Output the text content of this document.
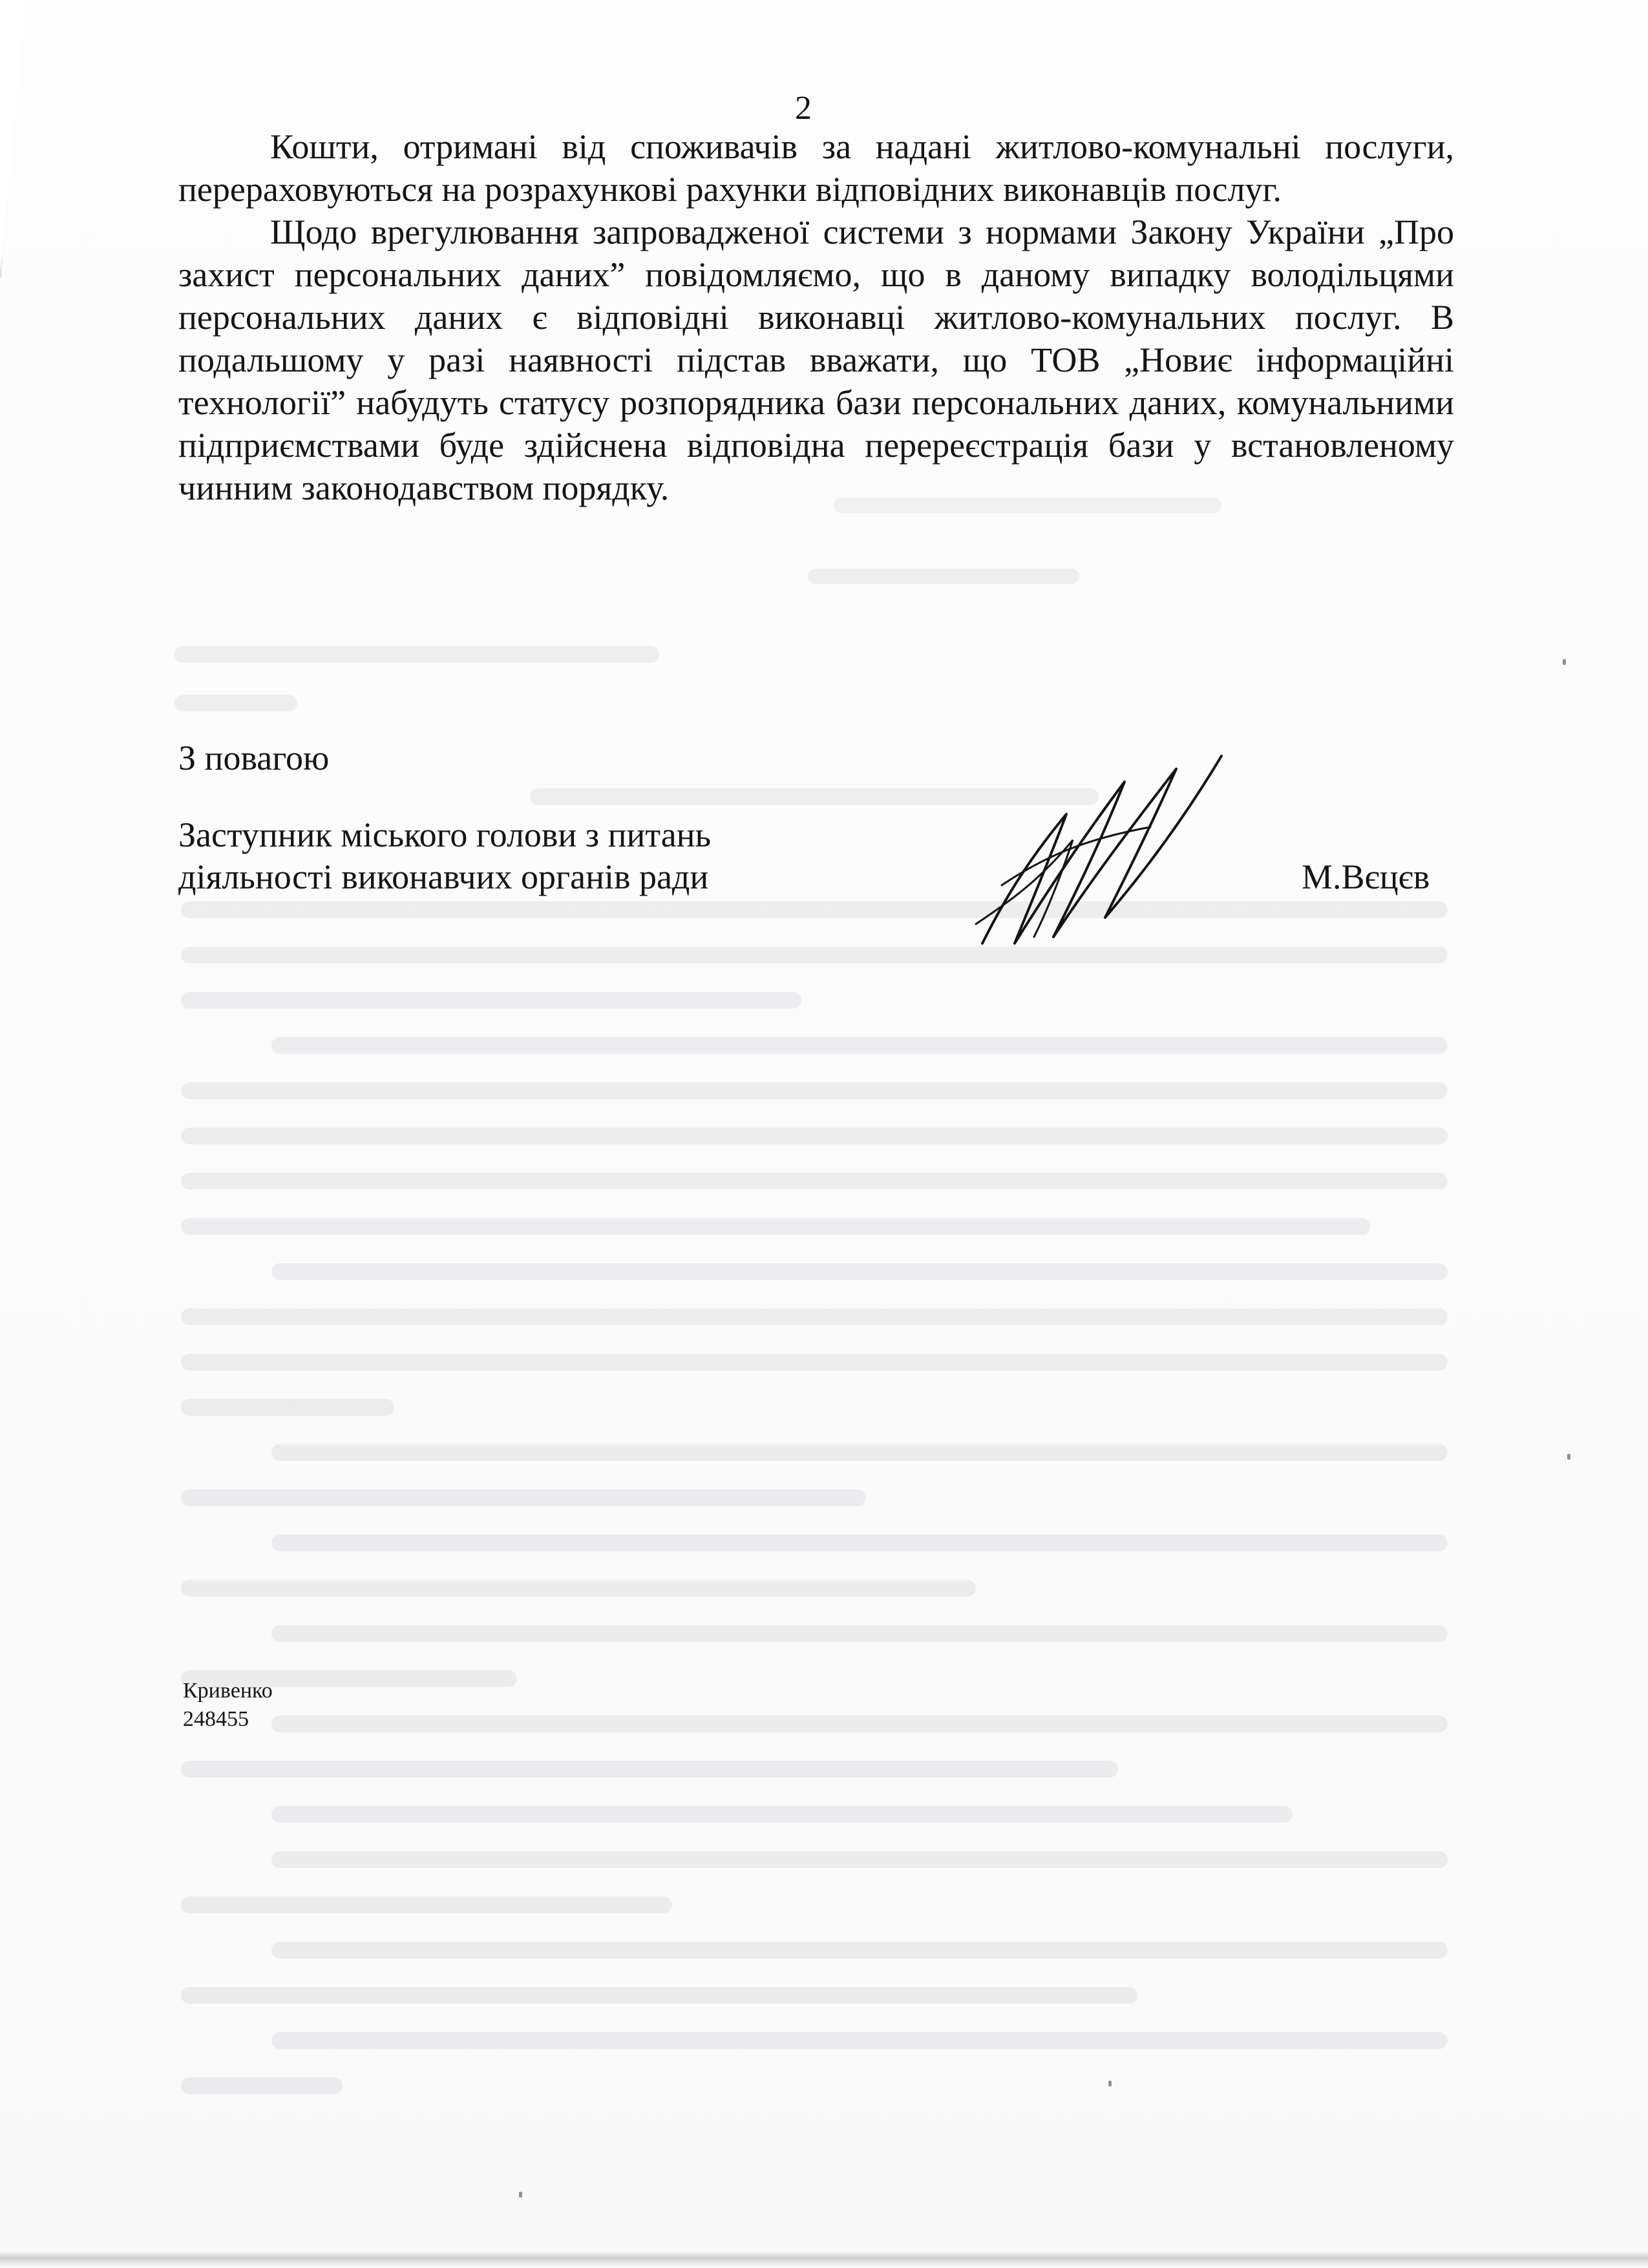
2

Кошти, отримані від споживачів за надані житлово-комунальні послуги, перераховуються на розрахункові рахунки відповідних виконавців послуг.

Щодо врегулювання запровадженої системи з нормами Закону України „Про захист персональних даних” повідомляємо, що в даному випадку володільцями персональних даних є відповідні виконавці житлово-комунальних послуг. В подальшому у разі наявності підстав вважати, що ТОВ „Новиє інформаційні технології” набудуть статусу розпорядника бази персональних даних, комунальними підприємствами буде здійснена відповідна перереєстрація бази у встановленому чинним законодавством порядку.

З повагою
Заступник міського голови з питань
діяльності виконавчих органів ради	М.Вєцєв
Кривенко
248455
